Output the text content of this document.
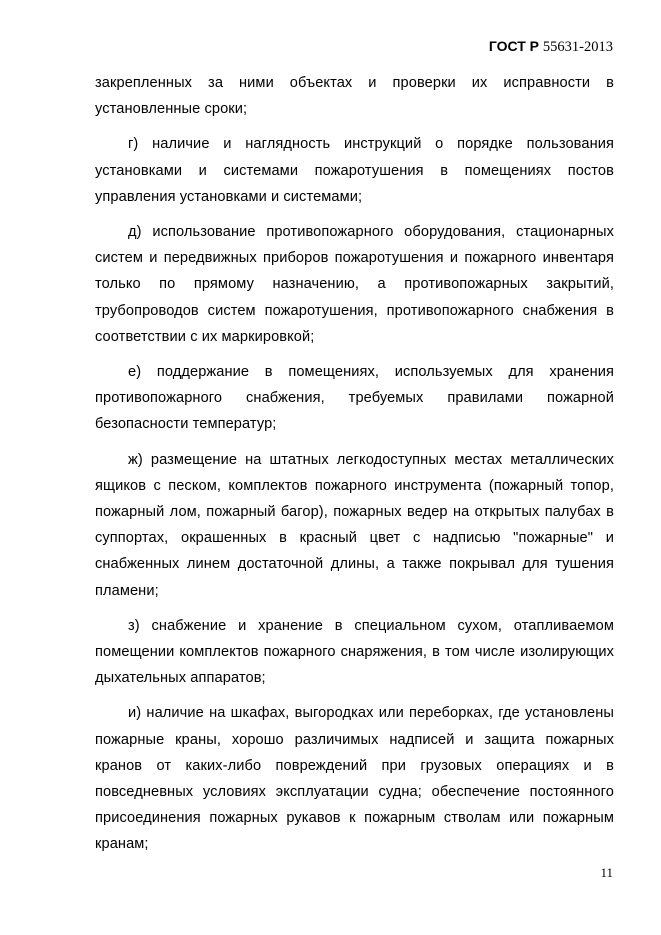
ГОСТ Р 55631-2013

закрепленных за ними объектах и проверки их исправности в установленные сроки;

г) наличие и наглядность инструкций о порядке пользования установками и системами пожаротушения в помещениях постов управления установками и системами;

д) использование противопожарного оборудования, стационарных систем и передвижных приборов пожаротушения и пожарного инвентаря только по прямому назначению, а противопожарных закрытий, трубопроводов систем пожаротушения, противопожарного снабжения в соответствии с их маркировкой;

е) поддержание в помещениях, используемых для хранения противопожарного снабжения, требуемых правилами пожарной безопасности температур;

ж) размещение на штатных легкодоступных местах металлических ящиков с песком, комплектов пожарного инструмента (пожарный топор, пожарный лом, пожарный багор), пожарных ведер на открытых палубах в суппортах, окрашенных в красный цвет с надписью "пожарные" и снабженных линем достаточной длины, а также покрывал для тушения пламени;

з) снабжение и хранение в специальном сухом, отапливаемом помещении комплектов пожарного снаряжения, в том числе изолирующих дыхательных аппаратов;

и) наличие на шкафах, выгородках или переборках, где установлены пожарные краны, хорошо различимых надписей и защита пожарных кранов от каких-либо повреждений при грузовых операциях и в повседневных условиях эксплуатации судна; обеспечение постоянного присоединения пожарных рукавов к пожарным стволам или пожарным кранам;

11
